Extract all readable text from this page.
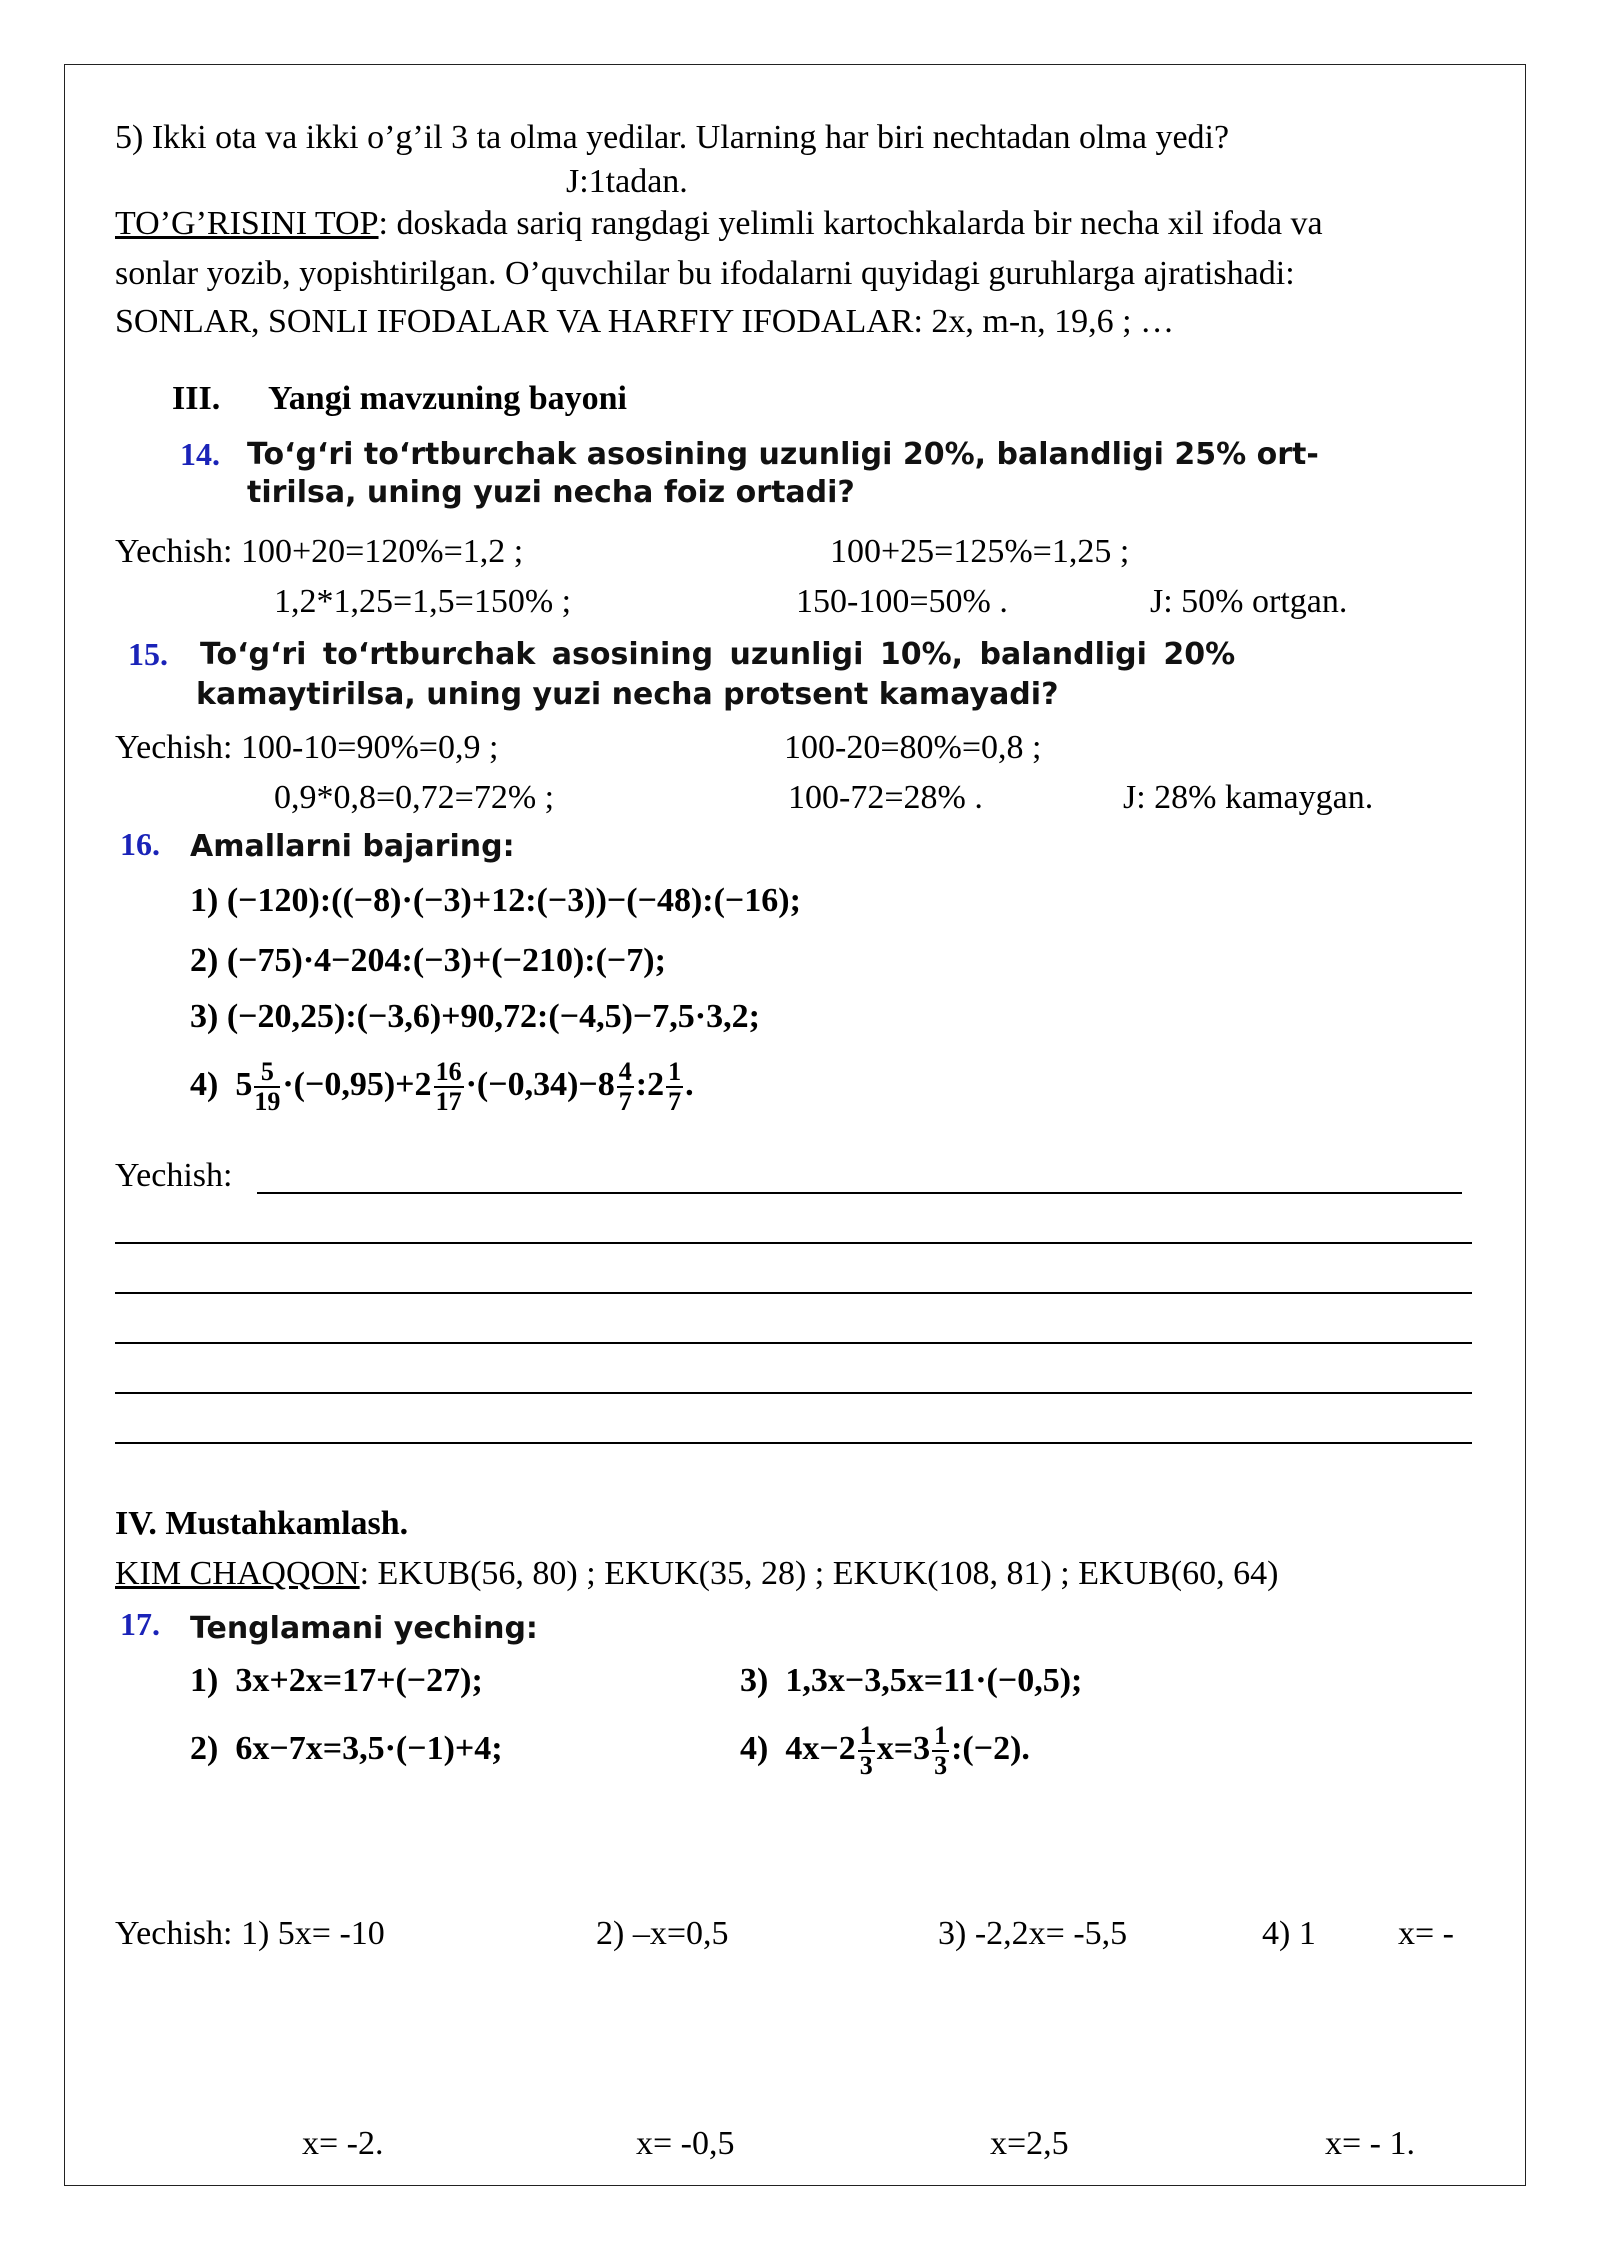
5) Ikki ota va ikki o’g’il 3 ta olma yedilar. Ularning har biri nechtadan olma yedi?
J:1tadan.
TO’G’RISINI TOP: doskada sariq rangdagi yelimli kartochkalarda bir necha xil ifoda va
sonlar yozib, yopishtirilgan. O’quvchilar bu ifodalarni quyidagi guruhlarga ajratishadi:
SONLAR, SONLI IFODALAR VA HARFIY IFODALAR: 2x, m-n, 19,6 ; …
III. Yangi mavzuning bayoni
14. To‘g‘ri to‘rtburchak asosining uzunligi 20%, balandligi 25% ort-
tirilsa, uning yuzi necha foiz ortadi?
Yechish: 100+20=120%=1,2 ;	100+25=125%=1,25 ;
1,2*1,25=1,5=150% ;	150-100=50% .	J: 50% ortgan.
15. To‘g‘ri to‘rtburchak asosining uzunligi 10%, balandligi 20%
kamaytirilsa, uning yuzi necha protsent kamayadi?
Yechish: 100-10=90%=0,9 ;	100-20=80%=0,8 ;
0,9*0,8=0,72=72% ;	100-72=28% .	J: 28% kamaygan.
16. Amallarni bajaring:
1) (−120):((−8)·(−3)+12:(−3))−(−48):(−16);
2) (−75)·4−204:(−3)+(−210):(−7);
3) (−20,25):(−3,6)+90,72:(−4,5)−7,5·3,2;
4) $5 \frac{5}{19} \cdot(-0,95)+2 \frac{16}{17} \cdot(-0,34)-8 \frac{4}{7}$ :2 $\frac{1}{7}$ .
Yechish:
IV. Mustahkamlash.
KIM CHAQQON: EKUB(56, 80) ; EKUK(35, 28) ; EKUK(108, 81) ; EKUB(60, 64)
17. Tenglamani yeching:
1) 3x+2x=17+(−27);
2) 6x−7x=3,5·(−1)+4;
3) 1,3x−3,5x=11·(−0,5);
4) $4x-2 \frac{1}{3} x=3 \frac{1}{3}$ :(−2).
Yechish: 1) 5x= -10	2) –x=0,5	3) -2,2x= -5,5	4) 1 x= -
x= -2.	x= -0,5	x=2,5	x= - 1.
